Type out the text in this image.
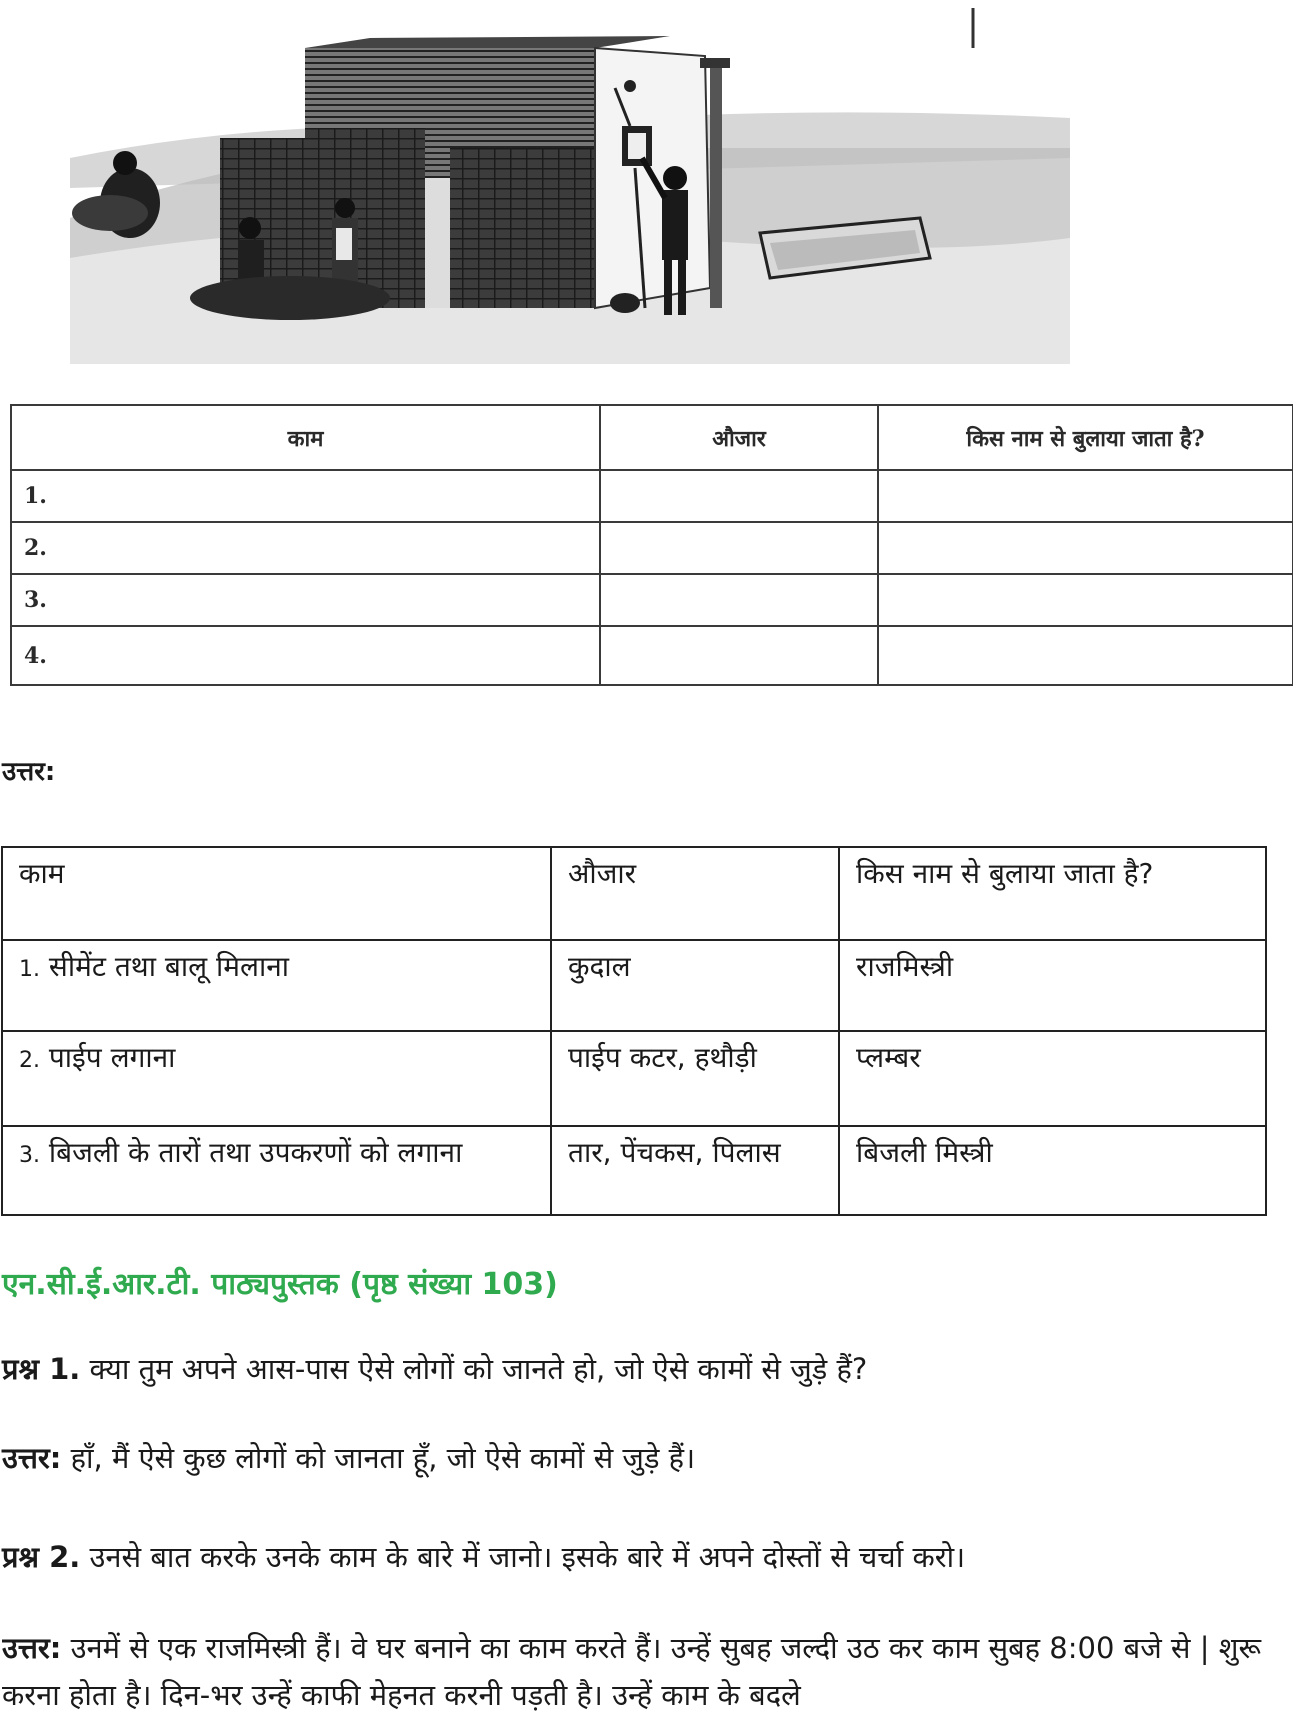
काम	औजार	किस नाम से बुलाया जाता है?
1.		
2.		
3.		
4.		
उत्तर:
काम	औजार	किस नाम से बुलाया जाता है?
1. सीमेंट तथा बालू मिलाना	कुदाल	राजमिस्त्री
2. पाईप लगाना	पाईप कटर, हथौड़ी	प्लम्बर
3. बिजली के तारों तथा उपकरणों को लगाना	तार, पेंचकस, पिलास	बिजली मिस्त्री
एन.सी.ई.आर.टी. पाठ्यपुस्तक (पृष्ठ संख्या 103)
प्रश्न 1. क्या तुम अपने आस-पास ऐसे लोगों को जानते हो, जो ऐसे कामों से जुड़े हैं?
उत्तर: हाँ, मैं ऐसे कुछ लोगों को जानता हूँ, जो ऐसे कामों से जुड़े हैं।
प्रश्न 2. उनसे बात करके उनके काम के बारे में जानो। इसके बारे में अपने दोस्तों से चर्चा करो।
उत्तर: उनमें से एक राजमिस्त्री हैं। वे घर बनाने का काम करते हैं। उन्हें सुबह जल्दी उठ कर काम सुबह 8:00 बजे से | शुरू करना होता है। दिन-भर उन्हें काफी मेहनत करनी पड़ती है। उन्हें काम के बदले
